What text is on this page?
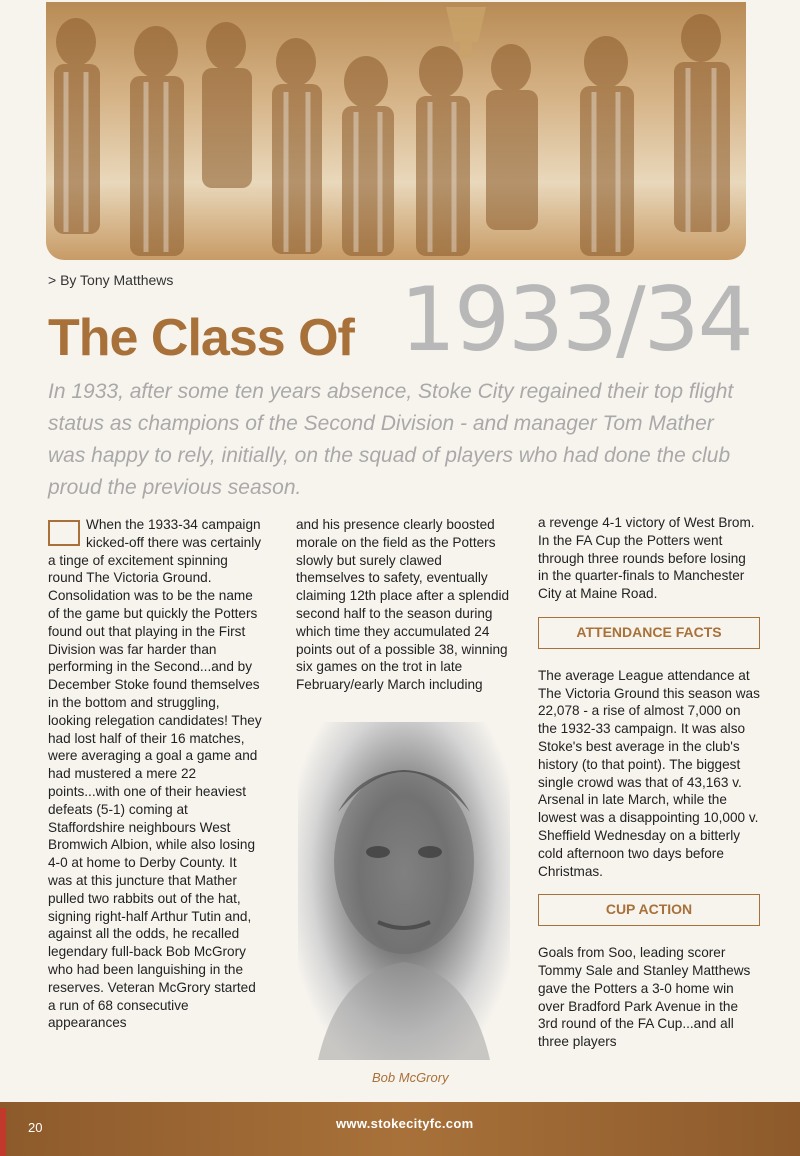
> By Tony Matthews
The Class Of 1933/34
In 1933, after some ten years absence, Stoke City regained their top flight status as champions of the Second Division - and manager Tom Mather was happy to rely, initially, on the squad of players who had done the club proud the previous season.

When the 1933-34 campaign kicked-off there was certainly a tinge of excitement spinning round The Victoria Ground. Consolidation was to be the name of the game but quickly the Potters found out that playing in the First Division was far harder than performing in the Second...and by December Stoke found themselves in the bottom and struggling, looking relegation candidates! They had lost half of their 16 matches, were averaging a goal a game and had mustered a mere 22 points...with one of their heaviest defeats (5-1) coming at Staffordshire neighbours West Bromwich Albion, while also losing 4-0 at home to Derby County. It was at this juncture that Mather pulled two rabbits out of the hat, signing right-half Arthur Tutin and, against all the odds, he recalled legendary full-back Bob McGrory who had been languishing in the reserves. Veteran McGrory started a run of 68 consecutive appearances

and his presence clearly boosted morale on the field as the Potters slowly but surely clawed themselves to safety, eventually claiming 12th place after a splendid second half to the season during which time they accumulated 24 points out of a possible 38, winning six games on the trot in late February/early March including

Bob McGrory

a revenge 4-1 victory of West Brom.

In the FA Cup the Potters went through three rounds before losing in the quarter-finals to Manchester City at Maine Road.

ATTENDANCE FACTS

The average League attendance at The Victoria Ground this season was 22,078 - a rise of almost 7,000 on the 1932-33 campaign. It was also Stoke's best average in the club's history (to that point). The biggest single crowd was that of 43,163 v. Arsenal in late March, while the lowest was a disappointing 10,000 v. Sheffield Wednesday on a bitterly cold afternoon two days before Christmas.

CUP ACTION

Goals from Soo, leading scorer Tommy Sale and Stanley Matthews gave the Potters a 3-0 home win over Bradford Park Avenue in the 3rd round of the FA Cup...and all three players

20	www.stokecityfc.com
